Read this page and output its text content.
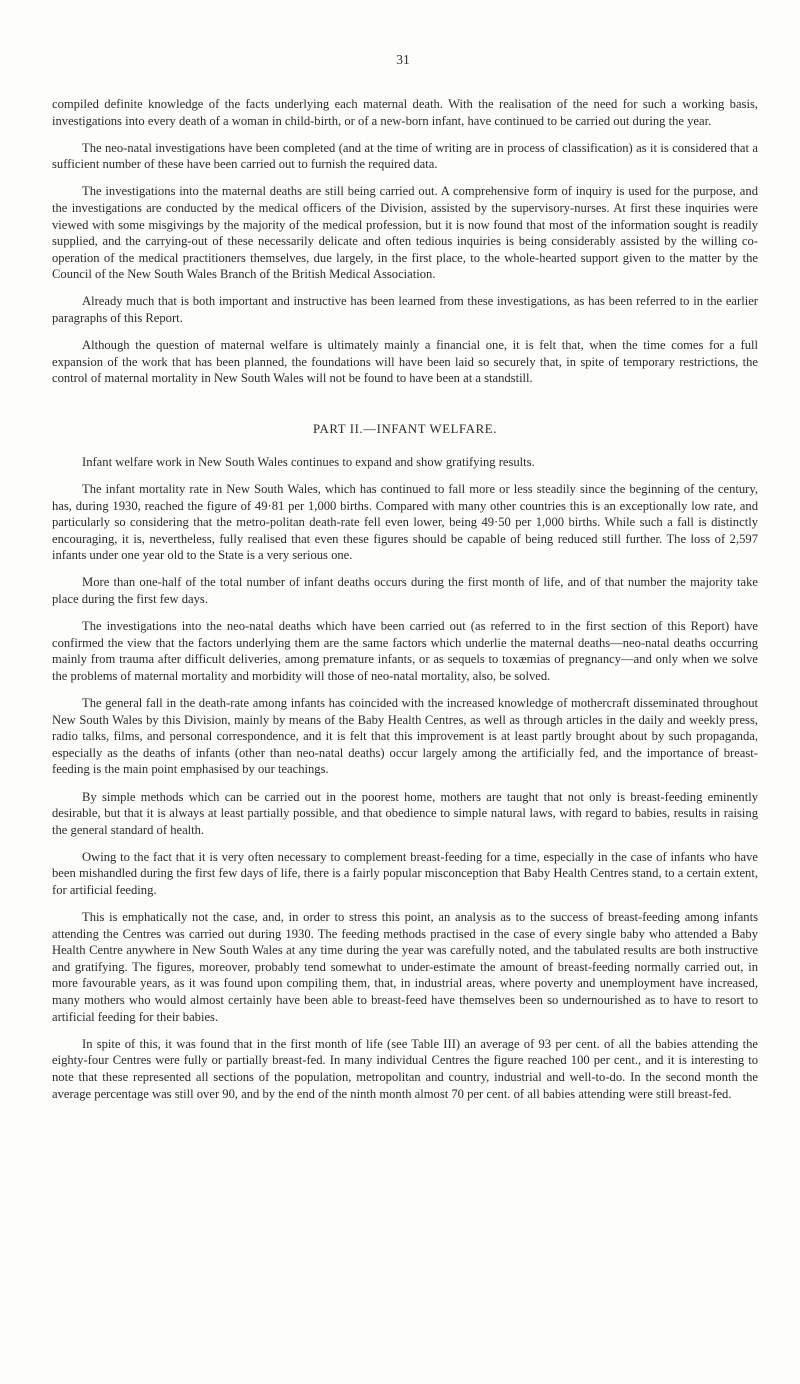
31

compiled definite knowledge of the facts underlying each maternal death. With the realisation of the need for such a working basis, investigations into every death of a woman in child-birth, or of a new-born infant, have continued to be carried out during the year.

The neo-natal investigations have been completed (and at the time of writing are in process of classification) as it is considered that a sufficient number of these have been carried out to furnish the required data.

The investigations into the maternal deaths are still being carried out. A comprehensive form of inquiry is used for the purpose, and the investigations are conducted by the medical officers of the Division, assisted by the supervisory-nurses. At first these inquiries were viewed with some misgivings by the majority of the medical profession, but it is now found that most of the information sought is readily supplied, and the carrying-out of these necessarily delicate and often tedious inquiries is being considerably assisted by the willing co-operation of the medical practitioners themselves, due largely, in the first place, to the whole-hearted support given to the matter by the Council of the New South Wales Branch of the British Medical Association.

Already much that is both important and instructive has been learned from these investigations, as has been referred to in the earlier paragraphs of this Report.

Although the question of maternal welfare is ultimately mainly a financial one, it is felt that, when the time comes for a full expansion of the work that has been planned, the foundations will have been laid so securely that, in spite of temporary restrictions, the control of maternal mortality in New South Wales will not be found to have been at a standstill.

PART II.—INFANT WELFARE.

Infant welfare work in New South Wales continues to expand and show gratifying results.

The infant mortality rate in New South Wales, which has continued to fall more or less steadily since the beginning of the century, has, during 1930, reached the figure of 49·81 per 1,000 births. Compared with many other countries this is an exceptionally low rate, and particularly so considering that the metro-politan death-rate fell even lower, being 49·50 per 1,000 births. While such a fall is distinctly encouraging, it is, nevertheless, fully realised that even these figures should be capable of being reduced still further. The loss of 2,597 infants under one year old to the State is a very serious one.

More than one-half of the total number of infant deaths occurs during the first month of life, and of that number the majority take place during the first few days.

The investigations into the neo-natal deaths which have been carried out (as referred to in the first section of this Report) have confirmed the view that the factors underlying them are the same factors which underlie the maternal deaths—neo-natal deaths occurring mainly from trauma after difficult deliveries, among premature infants, or as sequels to toxæmias of pregnancy—and only when we solve the problems of maternal mortality and morbidity will those of neo-natal mortality, also, be solved.

The general fall in the death-rate among infants has coincided with the increased knowledge of mothercraft disseminated throughout New South Wales by this Division, mainly by means of the Baby Health Centres, as well as through articles in the daily and weekly press, radio talks, films, and personal correspondence, and it is felt that this improvement is at least partly brought about by such propaganda, especially as the deaths of infants (other than neo-natal deaths) occur largely among the artificially fed, and the importance of breast-feeding is the main point emphasised by our teachings.

By simple methods which can be carried out in the poorest home, mothers are taught that not only is breast-feeding eminently desirable, but that it is always at least partially possible, and that obedience to simple natural laws, with regard to babies, results in raising the general standard of health.

Owing to the fact that it is very often necessary to complement breast-feeding for a time, especially in the case of infants who have been mishandled during the first few days of life, there is a fairly popular misconception that Baby Health Centres stand, to a certain extent, for artificial feeding.

This is emphatically not the case, and, in order to stress this point, an analysis as to the success of breast-feeding among infants attending the Centres was carried out during 1930. The feeding methods practised in the case of every single baby who attended a Baby Health Centre anywhere in New South Wales at any time during the year was carefully noted, and the tabulated results are both instructive and gratifying. The figures, moreover, probably tend somewhat to under-estimate the amount of breast-feeding normally carried out, in more favourable years, as it was found upon compiling them, that, in industrial areas, where poverty and unemployment have increased, many mothers who would almost certainly have been able to breast-feed have themselves been so undernourished as to have to resort to artificial feeding for their babies.

In spite of this, it was found that in the first month of life (see Table III) an average of 93 per cent. of all the babies attending the eighty-four Centres were fully or partially breast-fed. In many individual Centres the figure reached 100 per cent., and it is interesting to note that these represented all sections of the population, metropolitan and country, industrial and well-to-do. In the second month the average percentage was still over 90, and by the end of the ninth month almost 70 per cent. of all babies attending were still breast-fed.
